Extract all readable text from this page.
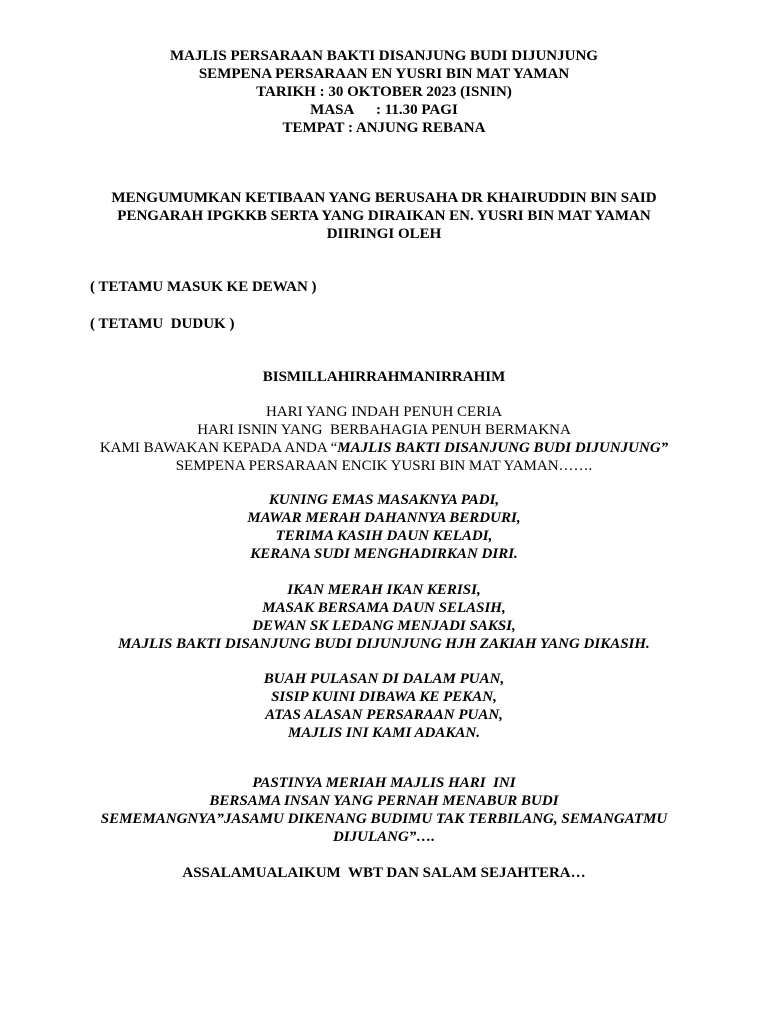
MAJLIS PERSARAAN BAKTI DISANJUNG BUDI DIJUNJUNG
SEMPENA PERSARAAN EN YUSRI BIN MAT YAMAN
TARIKH : 30 OKTOBER 2023 (ISNIN)
MASA      : 11.30 PAGI
TEMPAT : ANJUNG REBANA
MENGUMUMKAN KETIBAAN YANG BERUSAHA DR KHAIRUDDIN BIN SAID
PENGARAH IPGKKB SERTA YANG DIRAIKAN EN. YUSRI BIN MAT YAMAN
DIIRINGI OLEH
( TETAMU MASUK KE DEWAN )
( TETAMU  DUDUK )
BISMILLAHIRRAHMANIRRAHIM
HARI YANG INDAH PENUH CERIA
HARI ISNIN YANG  BERBAHAGIA PENUH BERMAKNA
KAMI BAWAKAN KEPADA ANDA “MAJLIS BAKTI DISANJUNG BUDI DIJUNJUNG”
SEMPENA PERSARAAN ENCIK YUSRI BIN MAT YAMAN…….
KUNING EMAS MASAKNYA PADI,
MAWAR MERAH DAHANNYA BERDURI,
TERIMA KASIH DAUN KELADI,
KERANA SUDI MENGHADIRKAN DIRI.
IKAN MERAH IKAN KERISI,
MASAK BERSAMA DAUN SELASIH,
DEWAN SK LEDANG MENJADI SAKSI,
MAJLIS BAKTI DISANJUNG BUDI DIJUNJUNG HJH ZAKIAH YANG DIKASIH.
BUAH PULASAN DI DALAM PUAN,
SISIP KUINI DIBAWA KE PEKAN,
ATAS ALASAN PERSARAAN PUAN,
MAJLIS INI KAMI ADAKAN.
PASTINYA MERIAH MAJLIS HARI  INI
BERSAMA INSAN YANG PERNAH MENABUR BUDI
SEMEMANGNYA”JASAMU DIKENANG BUDIMU TAK TERBILANG, SEMANGATMU
DIJULANG”….
ASSALAMUALAIKUM  WBT DAN SALAM SEJAHTERA…
